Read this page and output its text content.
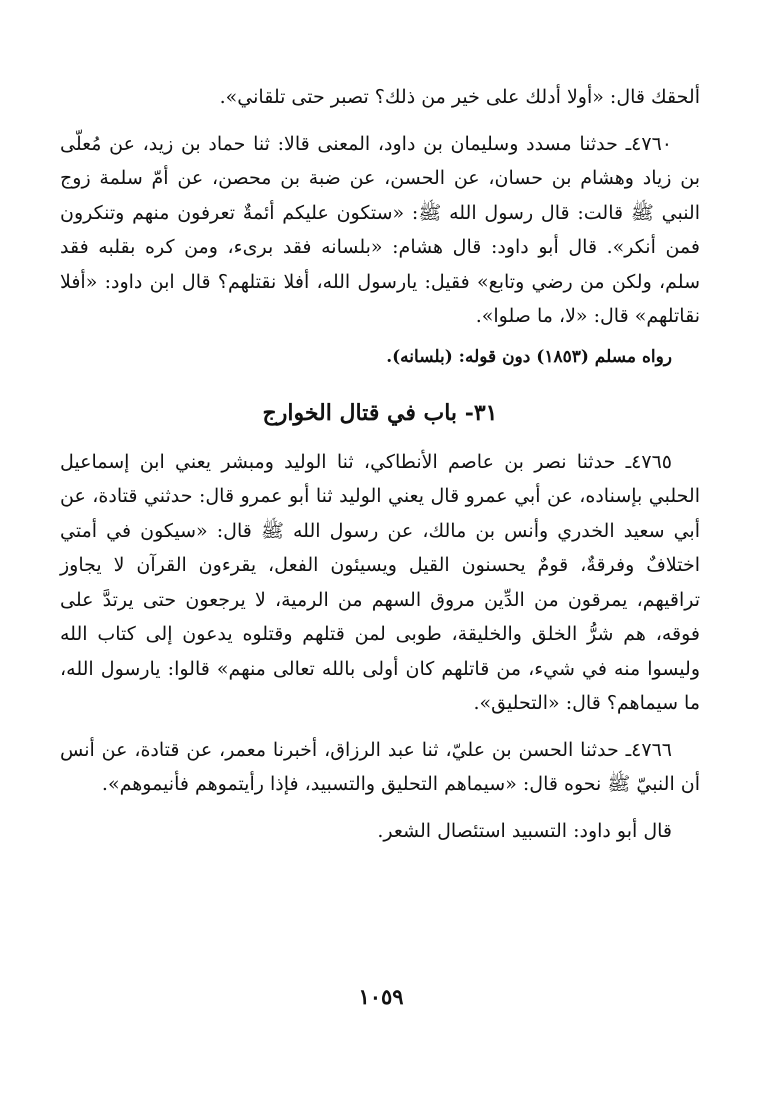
ألحقك قال: «أولا أدلك على خير من ذلك؟ تصبر حتى تلقاني».

٤٧٦٠ـ حدثنا مسدد وسليمان بن داود، المعنى قالا: ثنا حماد بن زيد، عن مُعلّى بن زياد وهشام بن حسان، عن الحسن، عن ضبة بن محصن، عن أمّ سلمة زوج النبي ﷺ قالت: قال رسول الله ﷺ: «ستكون عليكم أئمةٌ تعرفون منهم وتنكرون فمن أنكر». قال أبو داود: قال هشام: «بلسانه فقد برىء، ومن كره بقلبه فقد سلم، ولكن من رضي وتابع» فقيل: يارسول الله، أفلا نقتلهم؟ قال ابن داود: «أفلا نقاتلهم» قال: «لا، ما صلوا».

رواه مسلم (١٨٥٣) دون قوله: (بلسانه).

٣١- باب في قتال الخوارج

٤٧٦٥ـ حدثنا نصر بن عاصم الأنطاكي، ثنا الوليد ومبشر يعني ابن إسماعيل الحلبي بإسناده، عن أبي عمرو قال يعني الوليد ثنا أبو عمرو قال: حدثني قتادة، عن أبي سعيد الخدري وأنس بن مالك، عن رسول الله ﷺ قال: «سيكون في أمتي اختلافٌ وفرقةٌ، قومٌ يحسنون القيل ويسيئون الفعل، يقرءون القرآن لا يجاوز تراقيهم، يمرقون من الدِّين مروق السهم من الرمية، لا يرجعون حتى يرتدَّ على فوقه، هم شرُّ الخلق والخليقة، طوبى لمن قتلهم وقتلوه يدعون إلى كتاب الله وليسوا منه في شيء، من قاتلهم كان أولى بالله تعالى منهم» قالوا: يارسول الله، ما سيماهم؟ قال: «التحليق».

٤٧٦٦ـ حدثنا الحسن بن عليّ، ثنا عبد الرزاق، أخبرنا معمر، عن قتادة، عن أنس أن النبيّ ﷺ نحوه قال: «سيماهم التحليق والتسبيد، فإذا رأيتموهم فأنيموهم».

قال أبو داود: التسبيد استئصال الشعر.

١٠٥٩
